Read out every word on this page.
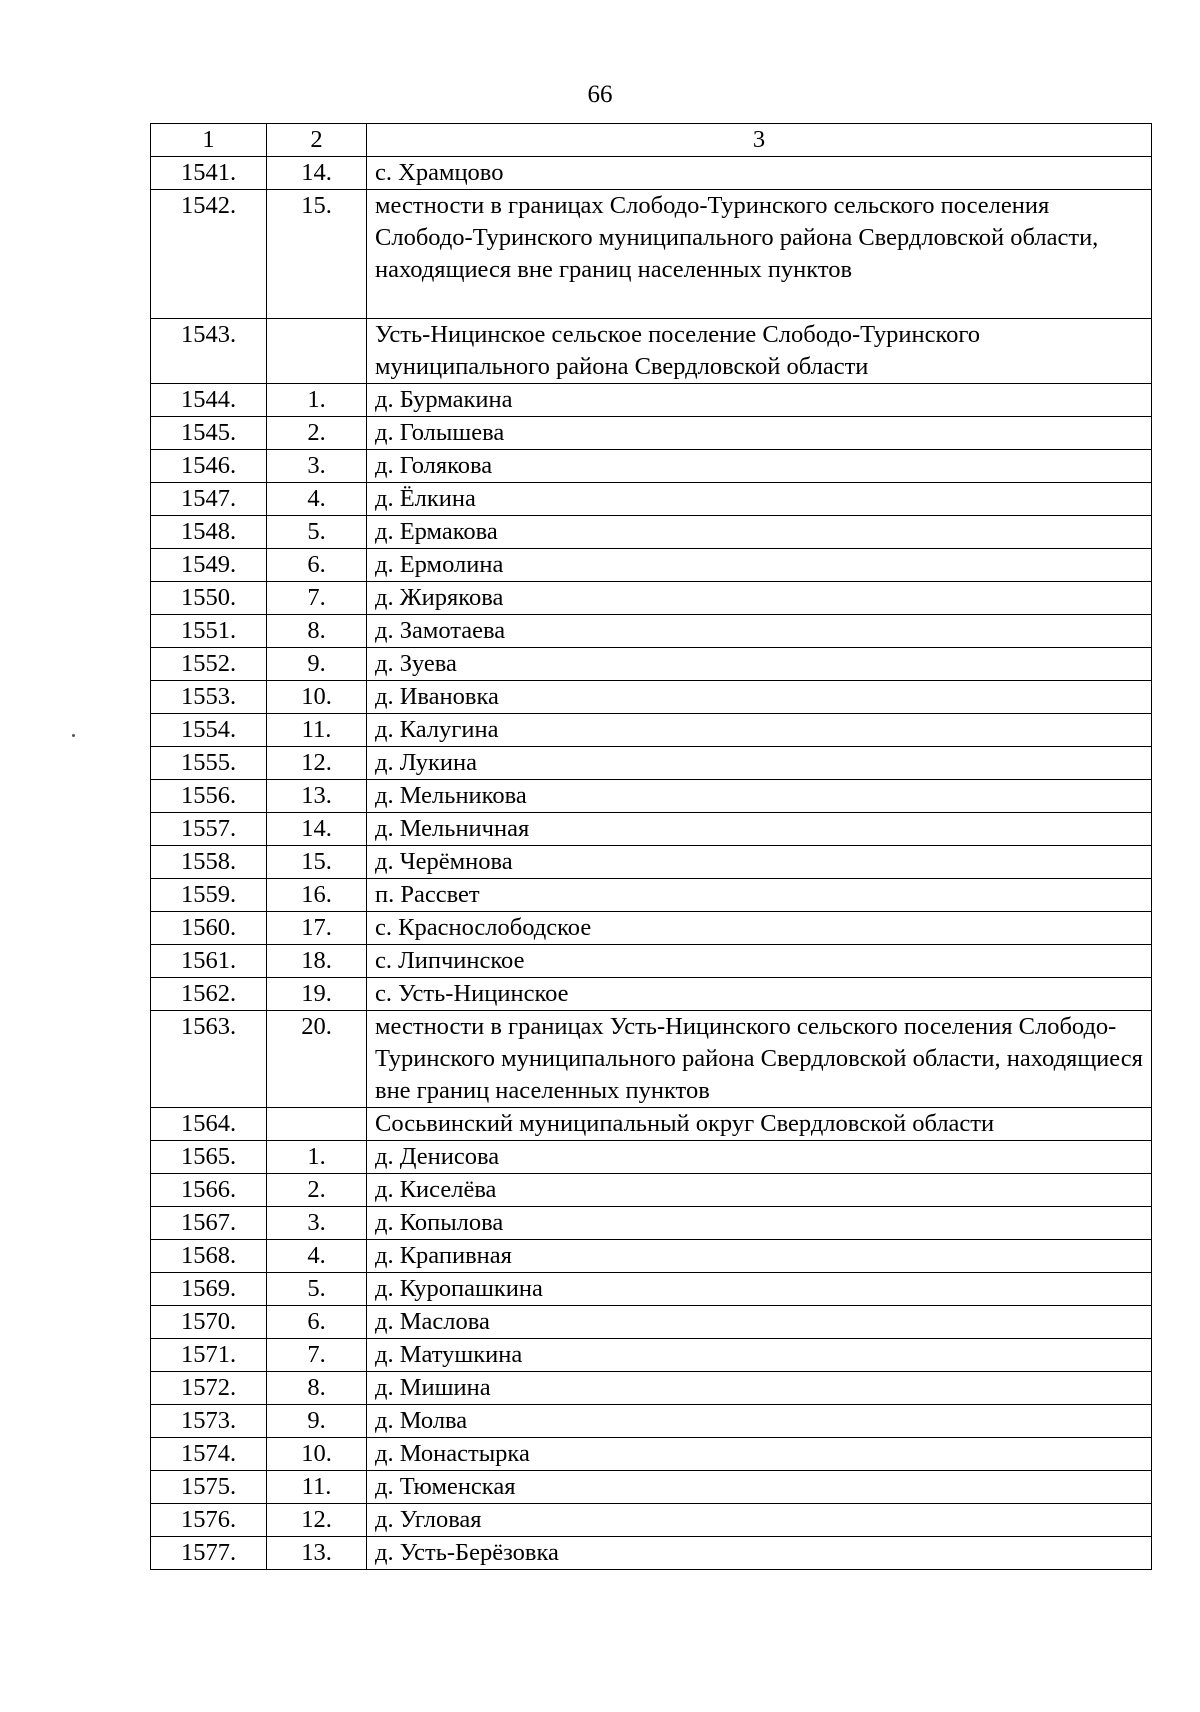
66
1	2	3
1541.	14.	с. Храмцово
1542.	15.	местности в границах Слободо-Туринского сельского поселения Слободо-Туринского муниципального района Свердловской области, находящиеся вне границ населенных пунктов
1543.		Усть-Ницинское сельское поселение Слободо-Туринского муниципального района Свердловской области
1544.	1.	д. Бурмакина
1545.	2.	д. Голышева
1546.	3.	д. Голякова
1547.	4.	д. Ёлкина
1548.	5.	д. Ермакова
1549.	6.	д. Ермолина
1550.	7.	д. Жирякова
1551.	8.	д. Замотаева
1552.	9.	д. Зуева
1553.	10.	д. Ивановка
1554.	11.	д. Калугина
1555.	12.	д. Лукина
1556.	13.	д. Мельникова
1557.	14.	д. Мельничная
1558.	15.	д. Черёмнова
1559.	16.	п. Рассвет
1560.	17.	с. Краснослободское
1561.	18.	с. Липчинское
1562.	19.	с. Усть-Ницинское
1563.	20.	местности в границах Усть-Ницинского сельского поселения Слободо-Туринского муниципального района Свердловской области, находящиеся вне границ населенных пунктов
1564.		Сосьвинский муниципальный округ Свердловской области
1565.	1.	д. Денисова
1566.	2.	д. Киселёва
1567.	3.	д. Копылова
1568.	4.	д. Крапивная
1569.	5.	д. Куропашкина
1570.	6.	д. Маслова
1571.	7.	д. Матушкина
1572.	8.	д. Мишина
1573.	9.	д. Молва
1574.	10.	д. Монастырка
1575.	11.	д. Тюменская
1576.	12.	д. Угловая
1577.	13.	д. Усть-Берёзовка
